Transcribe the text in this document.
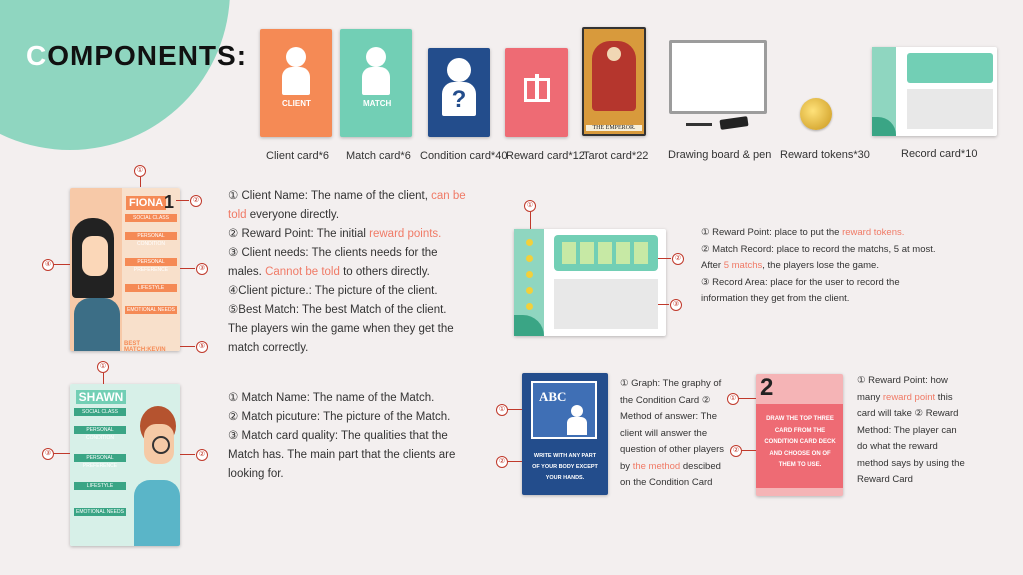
COMPONENTS:
CLIENT	MATCH	?
THE EMPEROR.
Client card*6 Match card*6 Condition card*40
Reward card*12
Tarot card*22 Drawing board & pen Reward tokens*30	Record card*10
FIONA 1
SOCIAL CLASS
PERSONAL CONDITION
PERSONAL PREFERENCE
LIFESTYLE
EMOTIONAL NEEDS
BEST MATCH:KEVIN
①
②
③
④
⑤
① Client Name: The name of the client, can be told everyone directly.
② Reward Point: The initial reward points.
③ Client needs: The clients needs for the males. Cannot be told to others directly.
④Client picture.: The picture of the client.
⑤Best Match: The best Match of the client. The players win the game when they get the match correctly.
SHAWN
SOCIAL CLASS
PERSONAL CONDITION
PERSONAL PREFERENCE
LIFESTYLE
EMOTIONAL NEEDS
①
③	②
① Match Name: The name of the Match.
② Match picuture: The picture of the Match.
③ Match card quality: The qualities that the Match has. The main part that the clients are looking for.
①
②
③
① Reward Point: place to put the reward tokens.
② Match Record: place to record the matchs, 5 at most. After 5 matchs, the players lose the game.
③ Record Area: place for the user to record the information they get from the client.
ABC
WRITE WITH ANY PART OF YOUR BODY EXCEPT YOUR HANDS.
①
②
① Graph: The graphy of the Condition Card ② Method of answer: The client will answer the question of other players by the method descibed on the Condition Card
2
DRAW THE TOP THREE CARD FROM THE CONDITION CARD DECK AND CHOOSE ON OF THEM TO USE.
①
②
① Reward Point: how many reward point this card will take ② Reward Method: The player can do what the reward method says by using the Reward Card
